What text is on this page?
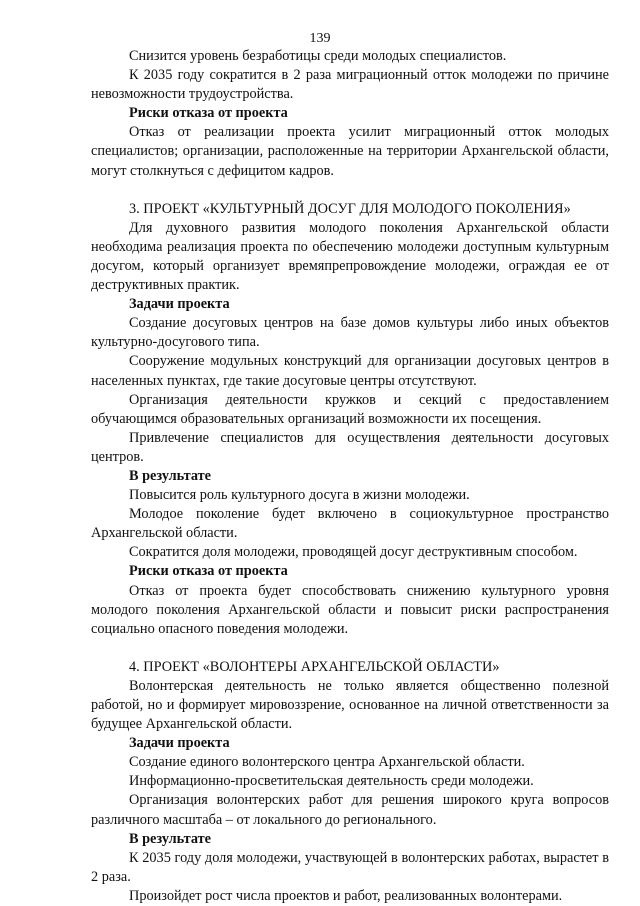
139

Снизится уровень безработицы среди молодых специалистов.

К 2035 году сократится в 2 раза миграционный отток молодежи по причине невозможности трудоустройства.

Риски отказа от проекта

Отказ от реализации проекта усилит миграционный отток молодых специалистов; организации, расположенные на территории Архангельской области, могут столкнуться с дефицитом кадров.

3. ПРОЕКТ «КУЛЬТУРНЫЙ ДОСУГ ДЛЯ МОЛОДОГО ПОКОЛЕНИЯ»

Для духовного развития молодого поколения Архангельской области необходима реализация проекта по обеспечению молодежи доступным культурным досугом, который организует времяпрепровождение молодежи, ограждая ее от деструктивных практик.

Задачи проекта

Создание досуговых центров на базе домов культуры либо иных объектов культурно-досугового типа.

Сооружение модульных конструкций для организации досуговых центров в населенных пунктах, где такие досуговые центры отсутствуют.

Организация деятельности кружков и секций с предоставлением обучающимся образовательных организаций возможности их посещения.

Привлечение специалистов для осуществления деятельности досуговых центров.

В результате

Повысится роль культурного досуга в жизни молодежи.

Молодое поколение будет включено в социокультурное пространство Архангельской области.

Сократится доля молодежи, проводящей досуг деструктивным способом.

Риски отказа от проекта

Отказ от проекта будет способствовать снижению культурного уровня молодого поколения Архангельской области и повысит риски распространения социально опасного поведения молодежи.

4. ПРОЕКТ «ВОЛОНТЕРЫ АРХАНГЕЛЬСКОЙ ОБЛАСТИ»

Волонтерская деятельность не только является общественно полезной работой, но и формирует мировоззрение, основанное на личной ответственности за будущее Архангельской области.

Задачи проекта

Создание единого волонтерского центра Архангельской области.

Информационно-просветительская деятельность среди молодежи.

Организация волонтерских работ для решения широкого круга вопросов различного масштаба – от локального до регионального.

В результате

К 2035 году доля молодежи, участвующей в волонтерских работах, вырастет в 2 раза.

Произойдет рост числа проектов и работ, реализованных волонтерами.
